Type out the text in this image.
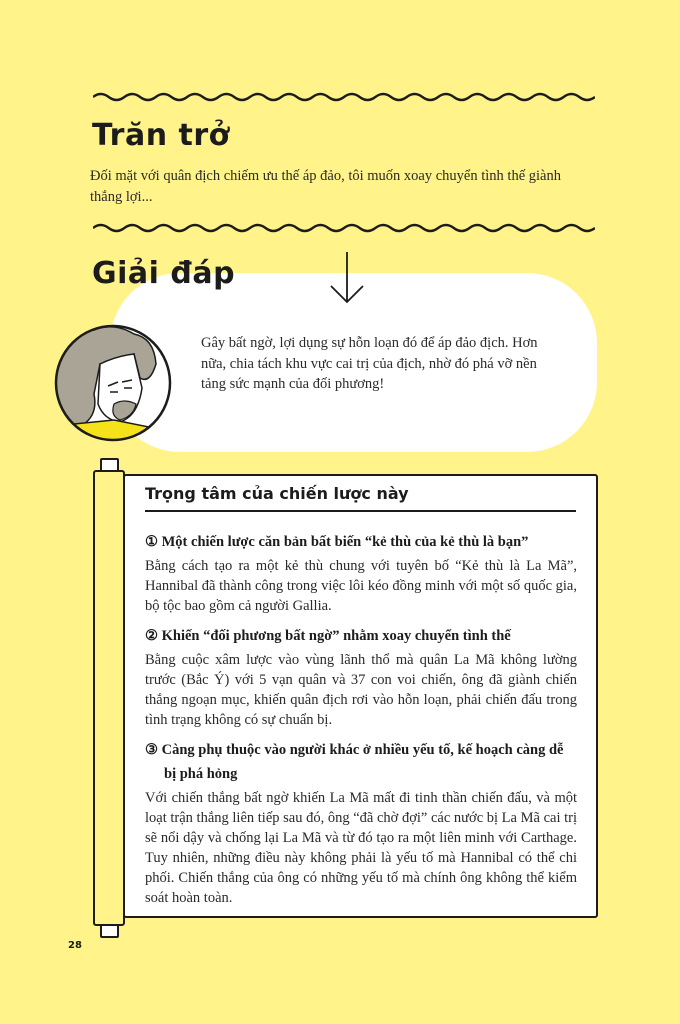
Trăn trở
Đối mặt với quân địch chiếm ưu thế áp đảo, tôi muốn xoay chuyển tình thế giành thắng lợi...
Giải đáp
Gây bất ngờ, lợi dụng sự hỗn loạn đó để áp đảo địch. Hơn nữa, chia tách khu vực cai trị của địch, nhờ đó phá vỡ nền tảng sức mạnh của đối phương!
Trọng tâm của chiến lược này

① Một chiến lược căn bản bất biến “kẻ thù của kẻ thù là bạn”

Bằng cách tạo ra một kẻ thù chung với tuyên bố “Kẻ thù là La Mã”, Hannibal đã thành công trong việc lôi kéo đồng minh với một số quốc gia, bộ tộc bao gồm cả người Gallia.

② Khiến “đối phương bất ngờ” nhằm xoay chuyển tình thế

Bằng cuộc xâm lược vào vùng lãnh thổ mà quân La Mã không lường trước (Bắc Ý) với 5 vạn quân và 37 con voi chiến, ông đã giành chiến thắng ngoạn mục, khiến quân địch rơi vào hỗn loạn, phải chiến đấu trong tình trạng không có sự chuẩn bị.

③ Càng phụ thuộc vào người khác ở nhiều yếu tố, kế hoạch càng dễ
bị phá hỏng

Với chiến thắng bất ngờ khiến La Mã mất đi tinh thần chiến đấu, và một loạt trận thắng liên tiếp sau đó, ông “đã chờ đợi” các nước bị La Mã cai trị sẽ nổi dậy và chống lại La Mã và từ đó tạo ra một liên minh với Carthage. Tuy nhiên, những điều này không phải là yếu tố mà Hannibal có thể chi phối. Chiến thắng của ông có những yếu tố mà chính ông không thể kiểm soát hoàn toàn.

28
